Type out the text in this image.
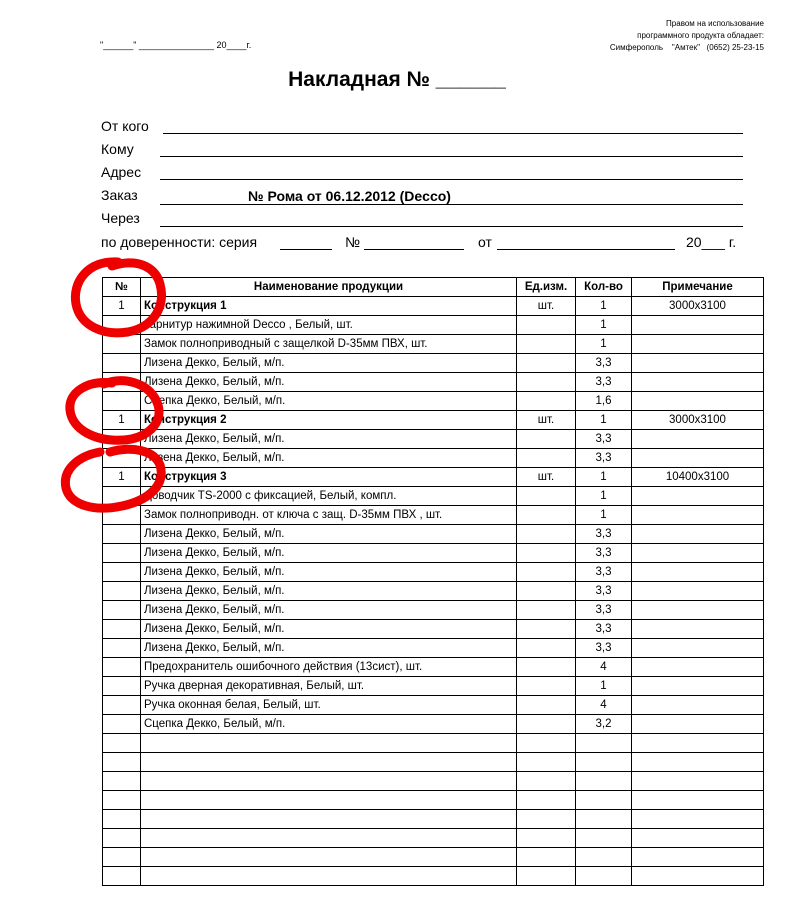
Правом на использование
программного продукта обладает:
Симферополь    "Амтек"   (0652) 25-23-15
"______" _______________ 20____г.
Накладная № ______
От кого
Кому
Адрес
Заказ	№ Рома от 06.12.2012 (Decco)
Через
по доверенности: серия	№	от	20___ г.
№	Наименование продукции	Ед.изм.	Кол-во	Примечание
1	Конструкция 1	шт.	1	3000x3100
	Гарнитур нажимной Decco , Белый, шт.		1	
	Замок полноприводный с защелкой D-35мм ПВХ, шт.		1	
	Лизена Декко, Белый, м/п.		3,3	
	Лизена Декко, Белый, м/п.		3,3	
	Сцепка Декко, Белый, м/п.		1,6	
1	Конструкция 2	шт.	1	3000x3100
	Лизена Декко, Белый, м/п.		3,3	
	Лизена Декко, Белый, м/п.		3,3	
1	Конструкция 3	шт.	1	10400x3100
	Доводчик TS-2000 с фиксацией, Белый, компл.		1	
	Замок полноприводн. от ключа с защ. D-35мм ПВХ , шт.		1	
	Лизена Декко, Белый, м/п.		3,3	
	Лизена Декко, Белый, м/п.		3,3	
	Лизена Декко, Белый, м/п.		3,3	
	Лизена Декко, Белый, м/п.		3,3	
	Лизена Декко, Белый, м/п.		3,3	
	Лизена Декко, Белый, м/п.		3,3	
	Лизена Декко, Белый, м/п.		3,3	
	Предохранитель ошибочного действия (13сист), шт.		4	
	Ручка дверная декоративная, Белый, шт.		1	
	Ручка оконная белая, Белый, шт.		4	
	Сцепка Декко, Белый, м/п.		3,2	
